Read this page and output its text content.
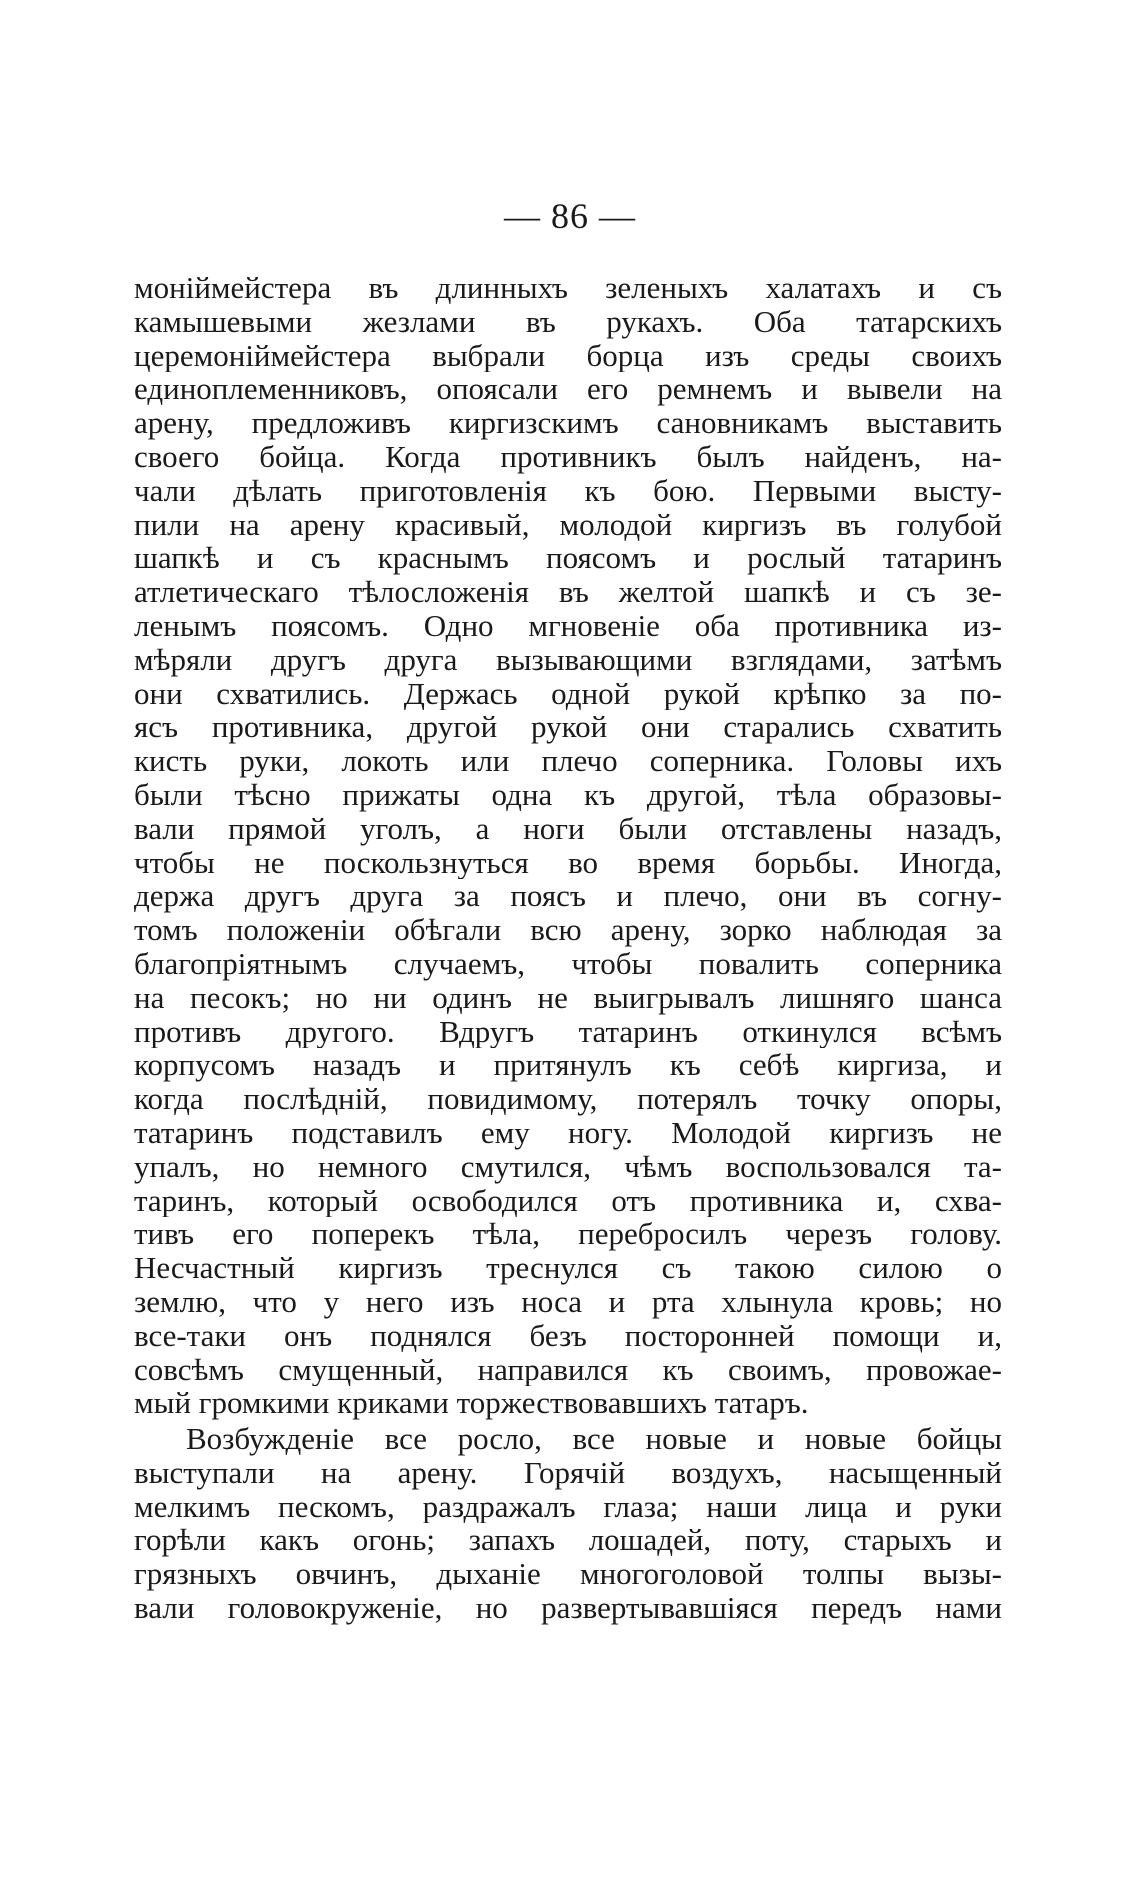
— 86 —
моніймейстера въ длинныхъ зеленыхъ халатахъ и съ
камышевыми жезлами въ рукахъ. Оба татарскихъ
церемоніймейстера выбрали борца изъ среды своихъ
единоплеменниковъ, опоясали его ремнемъ и вывели на
арену, предложивъ киргизскимъ сановникамъ выставить
своего бойца. Когда противникъ былъ найденъ, на-
чали дѣлать приготовленія къ бою. Первыми высту-
пили на арену красивый, молодой киргизъ въ голубой
шапкѣ и съ краснымъ поясомъ и рослый татаринъ
атлетическаго тѣлосложенія въ желтой шапкѣ и съ зе-
ленымъ поясомъ. Одно мгновеніе оба противника из-
мѣряли другъ друга вызывающими взглядами, затѣмъ
они схватились. Держась одной рукой крѣпко за по-
ясъ противника, другой рукой они старались схватить
кисть руки, локоть или плечо соперника. Головы ихъ
были тѣсно прижаты одна къ другой, тѣла образовы-
вали прямой уголъ, а ноги были отставлены назадъ,
чтобы не поскользнуться во время борьбы. Иногда,
держа другъ друга за поясъ и плечо, они въ согну-
томъ положеніи обѣгали всю арену, зорко наблюдая за
благопріятнымъ случаемъ, чтобы повалить соперника
на песокъ; но ни одинъ не выигрывалъ лишняго шанса
противъ другого. Вдругъ татаринъ откинулся всѣмъ
корпусомъ назадъ и притянулъ къ себѣ киргиза, и
когда послѣдній, повидимому, потерялъ точку опоры,
татаринъ подставилъ ему ногу. Молодой киргизъ не
упалъ, но немного смутился, чѣмъ воспользовался та-
таринъ, который освободился отъ противника и, схва-
тивъ его поперекъ тѣла, перебросилъ черезъ голову.
Несчастный киргизъ треснулся съ такою силою о
землю, что у него изъ носа и рта хлынула кровь; но
все-таки онъ поднялся безъ посторонней помощи и,
совсѣмъ смущенный, направился къ своимъ, провожае-
мый громкими криками торжествовавшихъ татаръ.
Возбужденіе все росло, все новые и новые бойцы
выступали на арену. Горячій воздухъ, насыщенный
мелкимъ пескомъ, раздражалъ глаза; наши лица и руки
горѣли какъ огонь; запахъ лошадей, поту, старыхъ и
грязныхъ овчинъ, дыханіе многоголовой толпы вызы-
вали головокруженіе, но развертывавшіяся передъ нами
